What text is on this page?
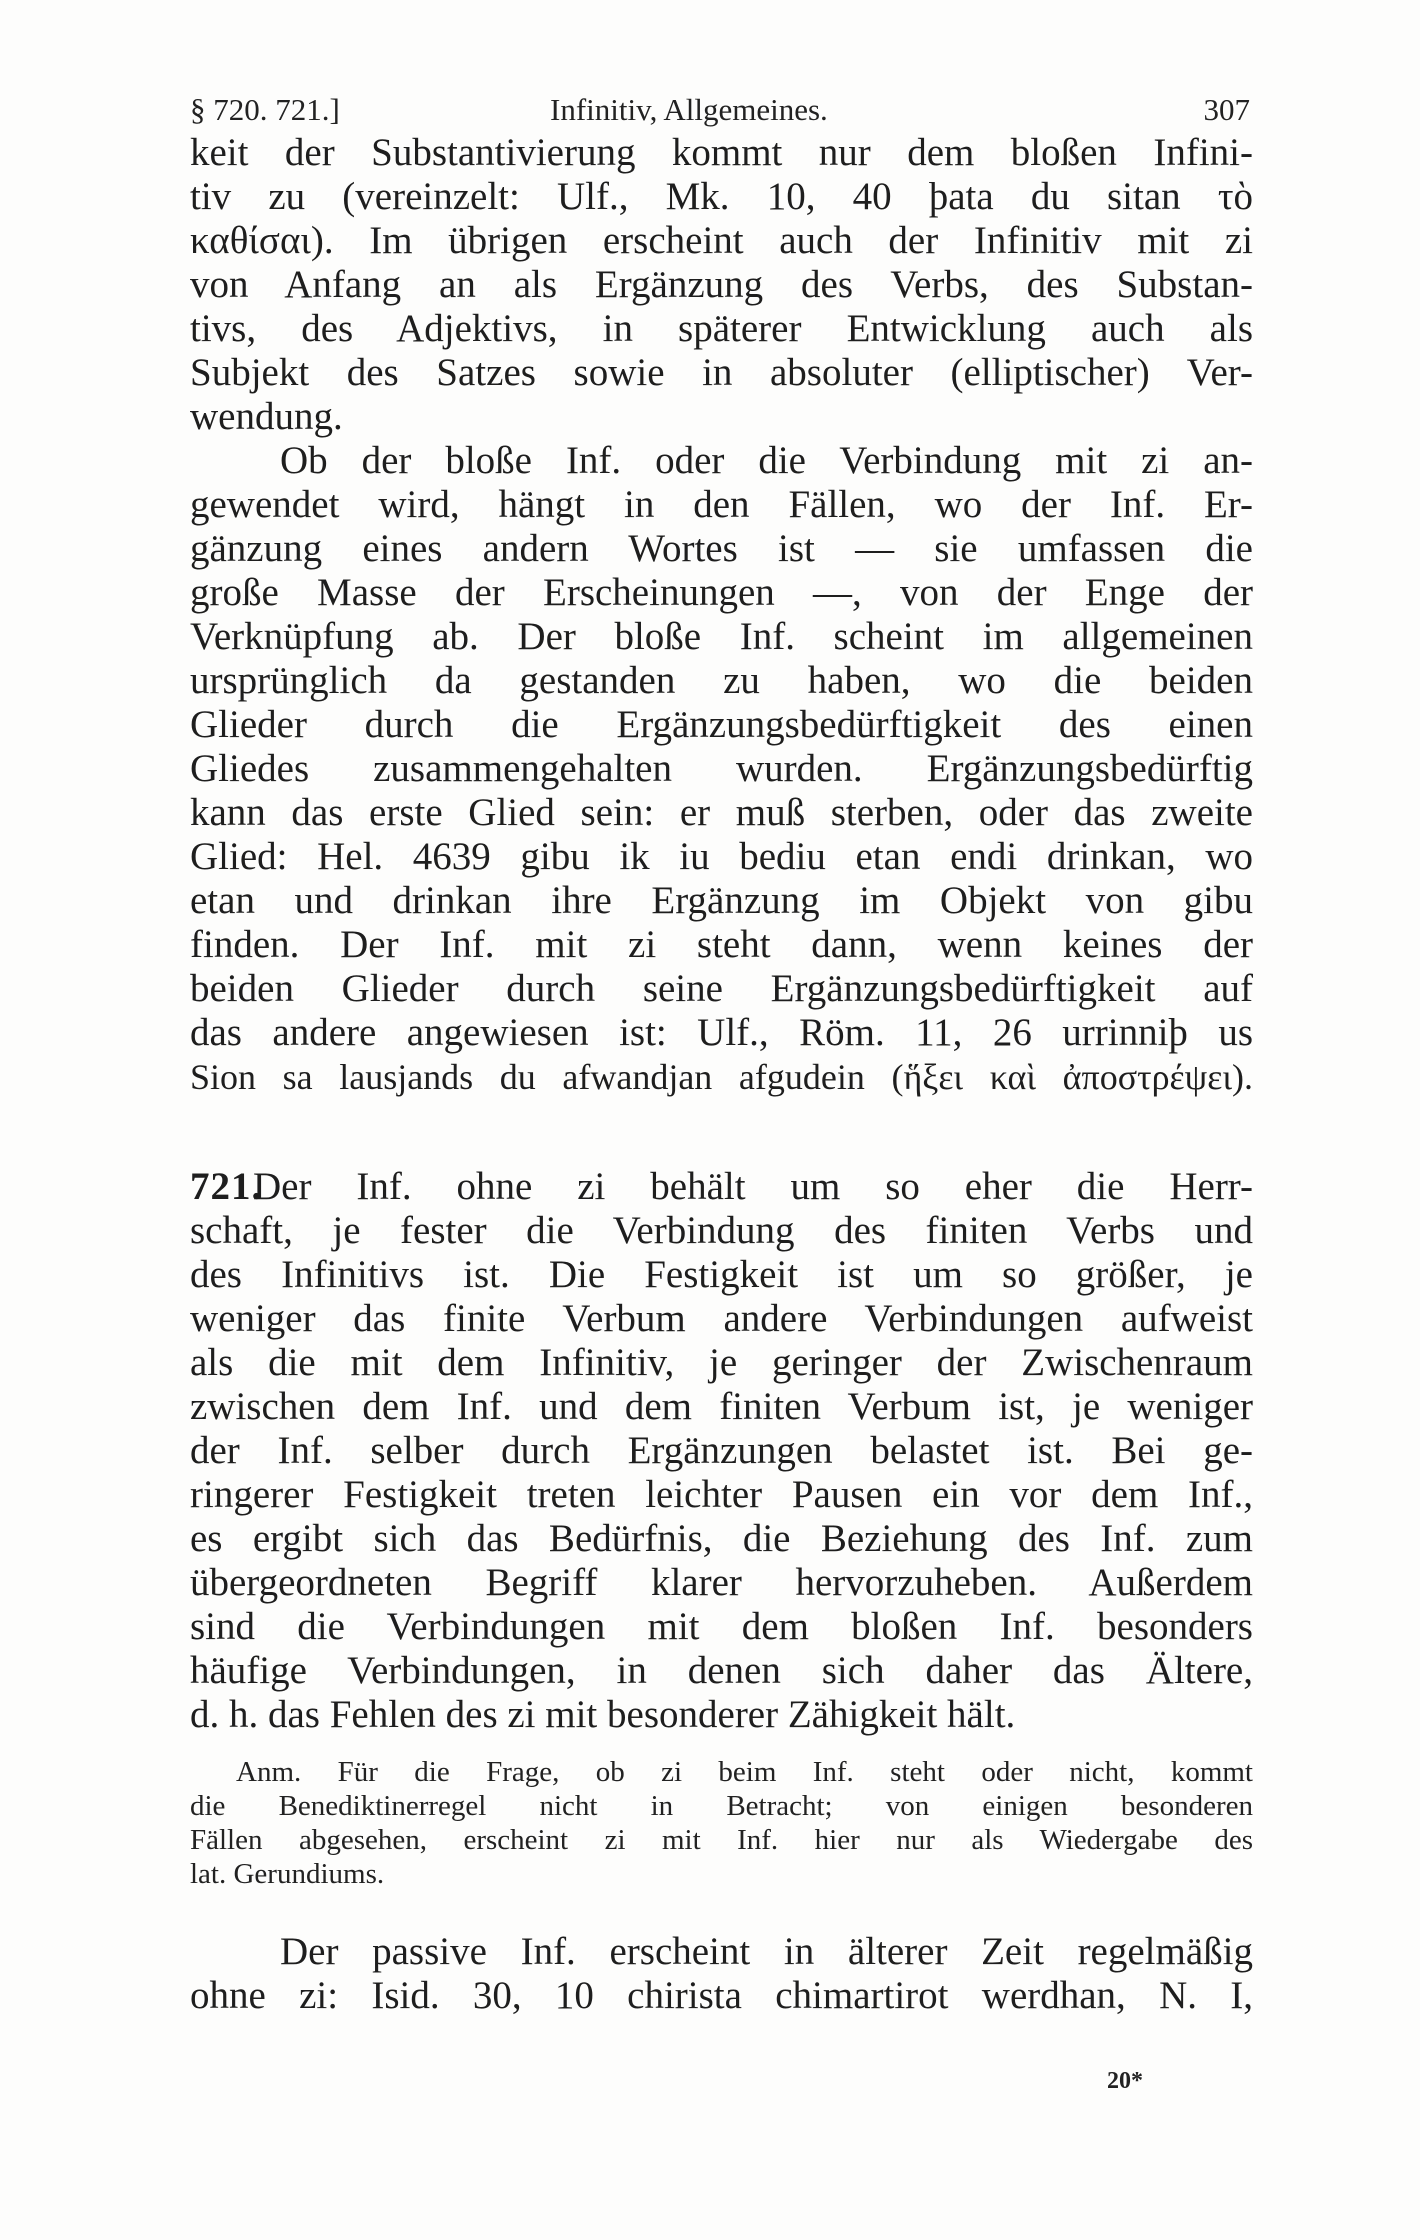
§ 720. 721.]	Infinitiv, Allgemeines.	307
keit der Substantivierung kommt nur dem bloßen Infini-
tiv zu (vereinzelt: Ulf., Mk. 10, 40 þata du sitan τὸ
καθίσαι). Im übrigen erscheint auch der Infinitiv mit zi
von Anfang an als Ergänzung des Verbs, des Substan-
tivs, des Adjektivs, in späterer Entwicklung auch als
Subjekt des Satzes sowie in absoluter (elliptischer) Ver-
wendung.
Ob der bloße Inf. oder die Verbindung mit zi an-
gewendet wird, hängt in den Fällen, wo der Inf. Er-
gänzung eines andern Wortes ist — sie umfassen die
große Masse der Erscheinungen —, von der Enge der
Verknüpfung ab. Der bloße Inf. scheint im allgemeinen
ursprünglich da gestanden zu haben, wo die beiden
Glieder durch die Ergänzungsbedürftigkeit des einen
Gliedes zusammengehalten wurden. Ergänzungsbedürftig
kann das erste Glied sein: er muß sterben, oder das zweite
Glied: Hel. 4639 gibu ik iu bediu etan endi drinkan, wo
etan und drinkan ihre Ergänzung im Objekt von gibu
finden. Der Inf. mit zi steht dann, wenn keines der
beiden Glieder durch seine Ergänzungsbedürftigkeit auf
das andere angewiesen ist: Ulf., Röm. 11, 26 urrinniþ us
Sion sa lausjands du afwandjan afgudein (ἥξει καὶ ἀποστρέψει).
721.
Der Inf. ohne zi behält um so eher die Herr-
schaft, je fester die Verbindung des finiten Verbs und
des Infinitivs ist. Die Festigkeit ist um so größer, je
weniger das finite Verbum andere Verbindungen aufweist
als die mit dem Infinitiv, je geringer der Zwischenraum
zwischen dem Inf. und dem finiten Verbum ist, je weniger
der Inf. selber durch Ergänzungen belastet ist. Bei ge-
ringerer Festigkeit treten leichter Pausen ein vor dem Inf.,
es ergibt sich das Bedürfnis, die Beziehung des Inf. zum
übergeordneten Begriff klarer hervorzuheben. Außerdem
sind die Verbindungen mit dem bloßen Inf. besonders
häufige Verbindungen, in denen sich daher das Ältere,
d. h. das Fehlen des zi mit besonderer Zähigkeit hält.
Anm. Für die Frage, ob zi beim Inf. steht oder nicht, kommt
die Benediktinerregel nicht in Betracht; von einigen besonderen
Fällen abgesehen, erscheint zi mit Inf. hier nur als Wiedergabe des
lat. Gerundiums.
Der passive Inf. erscheint in älterer Zeit regelmäßig
ohne zi: Isid. 30, 10 chirista chimartirot werdhan, N. I,
20*
